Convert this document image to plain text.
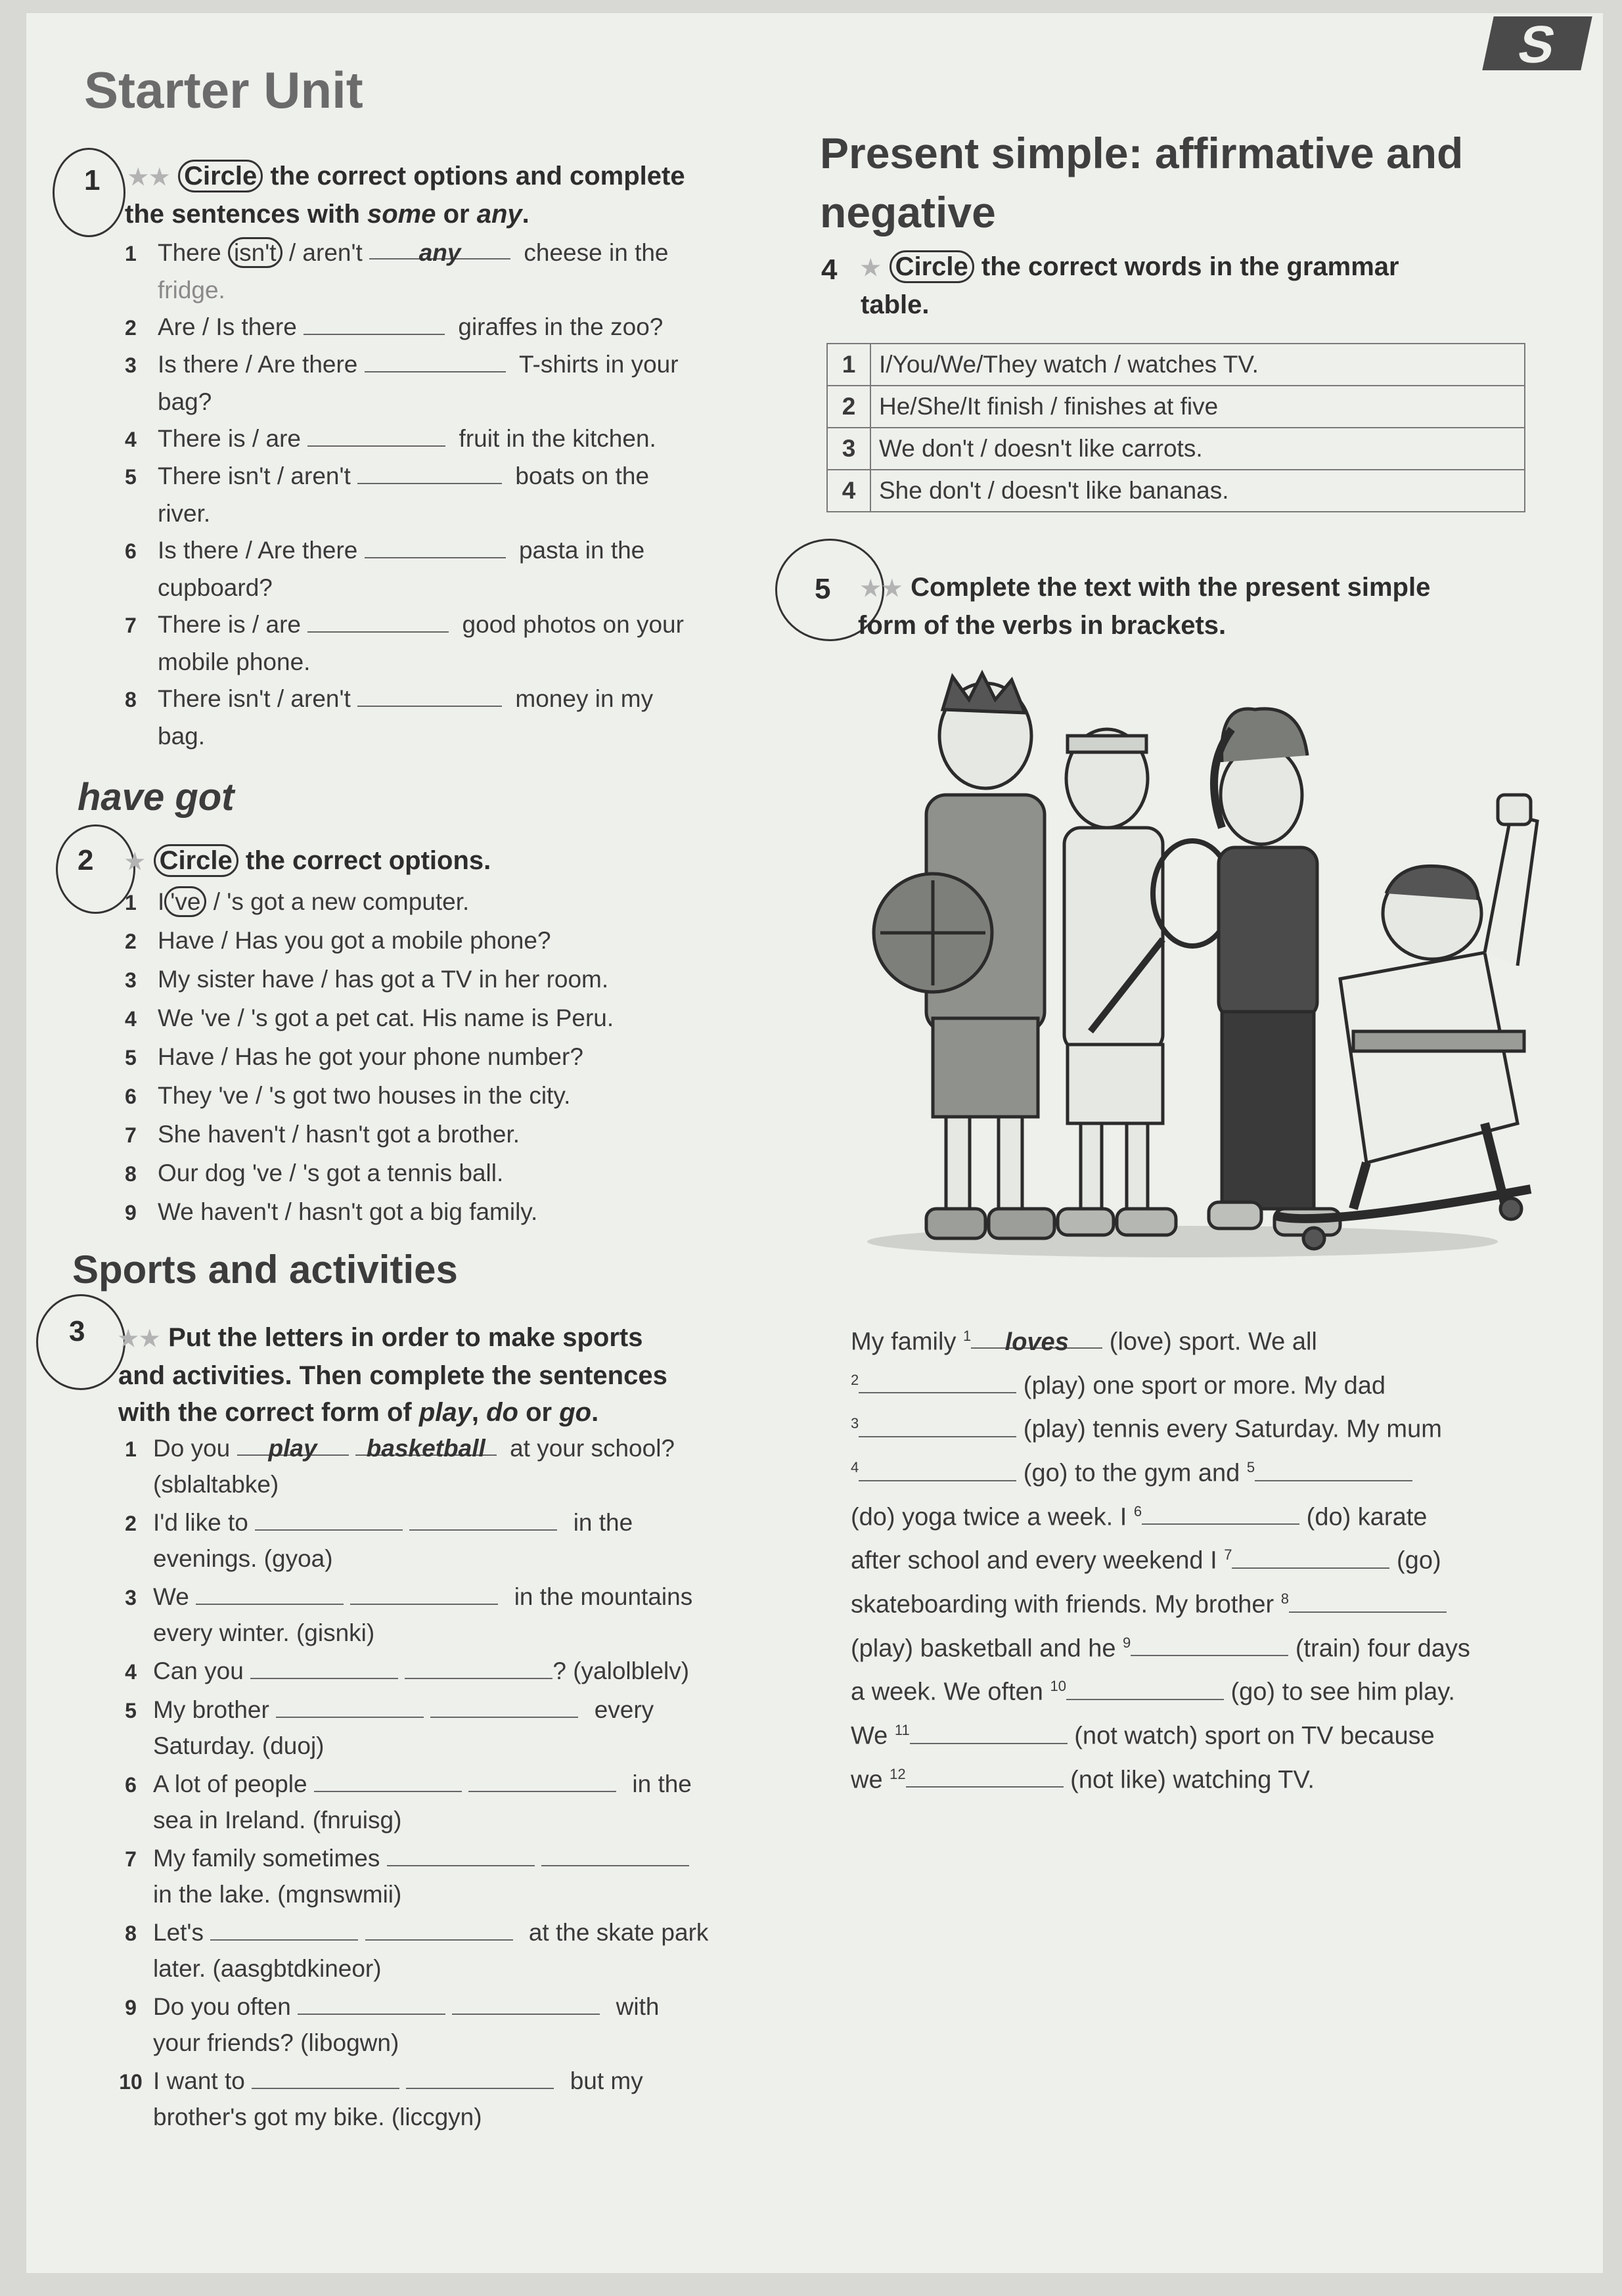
S
Starter Unit
1 ★★ Circle the correct options and complete
the sentences with some or any.
1 There isn't / aren't any	cheese in the
fridge.
2 Are / Is there	giraffes in the zoo?
3 Is there / Are there	T-shirts in your
bag?
4 There is / are	fruit in the kitchen.
5 There isn't / aren't	boats on the
river.
6 Is there / Are there	pasta in the
cupboard?
7 There is / are	good photos on your
mobile phone.
8 There isn't / aren't	money in my
bag.
have got
2 ★ Circle the correct options.
1 I 've / 's got a new computer.
2 Have / Has you got a mobile phone?
3 My sister have / has got a TV in her room.
4 We 've / 's got a pet cat. His name is Peru.
5 Have / Has he got your phone number?
6 They 've / 's got two houses in the city.
7 She haven't / hasn't got a brother.
8 Our dog 've / 's got a tennis ball.
9 We haven't / hasn't got a big family.
Sports and activities
3 ★★ Put the letters in order to make sports
and activities. Then complete the sentences
with the correct form of play, do or go.
1 Do you play basketball at your school?
(sblaltabke)
2 I'd like to	in the
evenings. (gyoa)
3 We	in the mountains
every winter. (gisnki)
4 Can you	? (yalolblelv)
5 My brother	every
Saturday. (duoj)
6 A lot of people	in the
sea in Ireland. (fnruisg)
7 My family sometimes
in the lake. (mgnswmii)
8 Let's	at the skate park
later. (aasgbtdkineor)
9 Do you often	with
your friends? (libogwn)
10 I want to	but my
brother's got my bike. (liccgyn)
Present simple: affirmative and
negative
4 ★ Circle the correct words in the grammar
table.
1	I/You/We/They watch / watches TV.
2	He/She/It finish / finishes at five
3	We don't / doesn't like carrots.
4	She don't / doesn't like bananas.
5 ★★ Complete the text with the present simple
form of the verbs in brackets.
My family $^1$ loves (love) sport. We all
$^2$	(play) one sport or more. My dad
$^3$	(play) tennis every Saturday. My mum
$^4$	(go) to the gym and $^5$
(do) yoga twice a week. I $^6$	(do) karate
after school and every weekend I $^7$	(go)
skateboarding with friends. My brother $^8$
(play) basketball and he $^9$	(train) four days
a week. We often $^{10}$	(go) to see him play.
We $^{11}$	(not watch) sport on TV because
we $^{12}$	(not like) watching TV.
